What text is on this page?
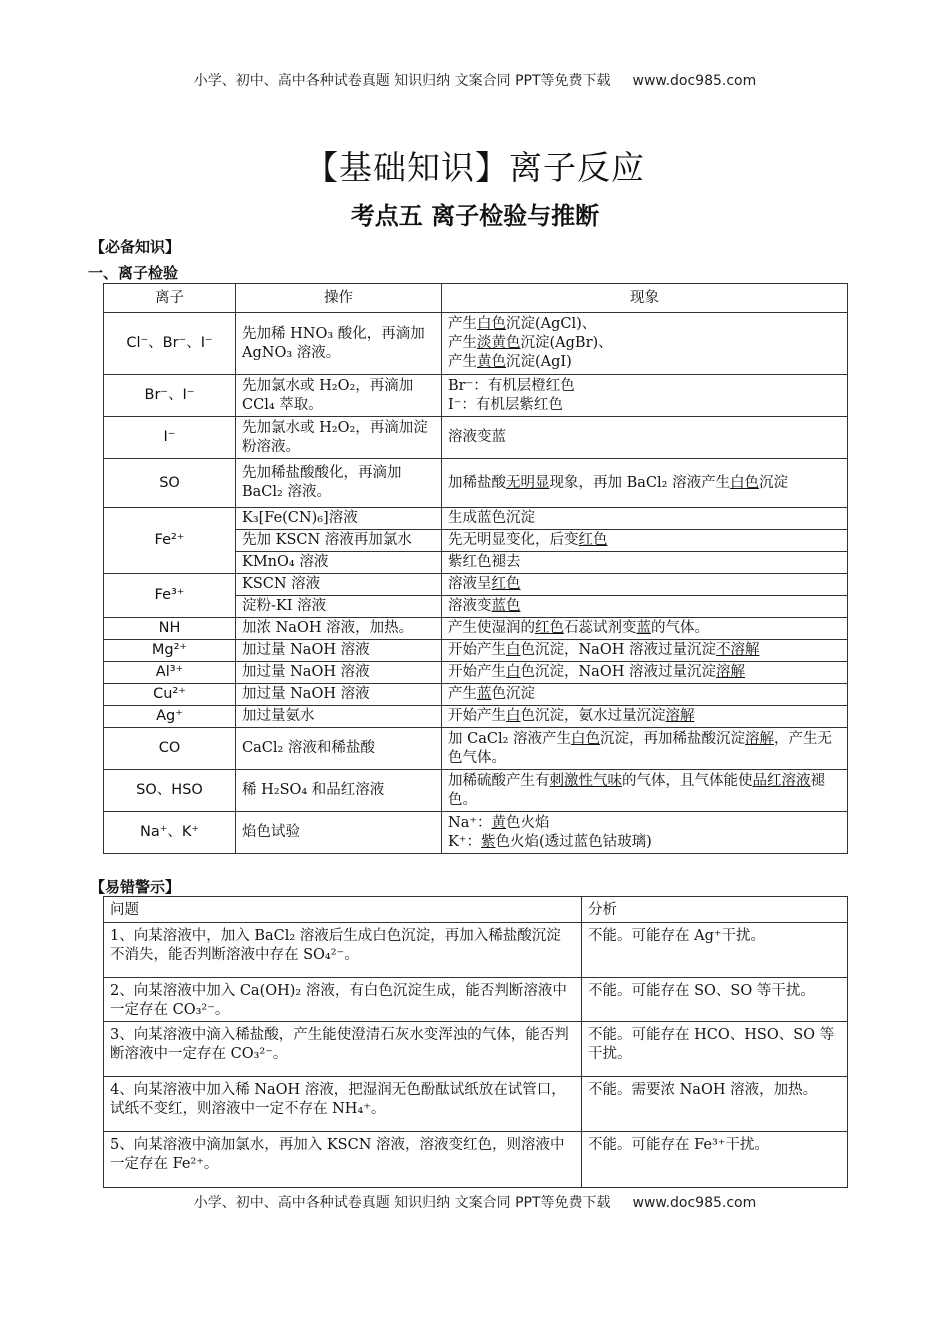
小学、初中、高中各种试卷真题 知识归纳 文案合同 PPT等免费下载 www.doc985.com
【基础知识】离子反应
考点五 离子检验与推断
【必备知识】
一、离子检验
离子	操作	现象
Cl⁻、Br⁻、I⁻	先加稀 HNO₃ 酸化，再滴加 AgNO₃ 溶液。	产生白色沉淀(AgCl)、
产生淡黄色沉淀(AgBr)、
产生黄色沉淀(AgI)

Br⁻、I⁻	先加氯水或 H₂O₂，再滴加 CCl₄ 萃取。	Br⁻：有机层橙红色
I⁻：有机层紫红色

I⁻	先加氯水或 H₂O₂，再滴加淀粉溶液。	溶液变蓝
SO	先加稀盐酸酸化，再滴加 BaCl₂ 溶液。	加稀盐酸无明显现象，再加 BaCl₂ 溶液产生白色沉淀
Fe²⁺	K₃[Fe(CN)₆]溶液	生成蓝色沉淀
	先加 KSCN 溶液再加氯水	先无明显变化，后变红色
	KMnO₄ 溶液	紫红色褪去
Fe³⁺	KSCN 溶液	溶液呈红色
	淀粉-KI 溶液	溶液变蓝色
NH	加浓 NaOH 溶液，加热。	产生使湿润的红色石蕊试剂变蓝的气体。
Mg²⁺	加过量 NaOH 溶液	开始产生白色沉淀，NaOH 溶液过量沉淀不溶解
Al³⁺	加过量 NaOH 溶液	开始产生白色沉淀，NaOH 溶液过量沉淀溶解
Cu²⁺	加过量 NaOH 溶液	产生蓝色沉淀
Ag⁺	加过量氨水	开始产生白色沉淀，氨水过量沉淀溶解
CO	CaCl₂ 溶液和稀盐酸	加 CaCl₂ 溶液产生白色沉淀，再加稀盐酸沉淀溶解，产生无色气体。
SO、HSO	稀 H₂SO₄ 和品红溶液	加稀硫酸产生有刺激性气味的气体，且气体能使品红溶液褪色。
Na⁺、K⁺	焰色试验	Na⁺：黄色火焰
K⁺：紫色火焰(透过蓝色钴玻璃)
【易错警示】
问题	分析
1、向某溶液中，加入 BaCl₂ 溶液后生成白色沉淀，再加入稀盐酸沉淀不消失，能否判断溶液中存在 SO₄²⁻。	不能。可能存在 Ag⁺干扰。
2、向某溶液中加入 Ca(OH)₂ 溶液，有白色沉淀生成，能否判断溶液中一定存在 CO₃²⁻。	不能。可能存在 SO、SO 等干扰。
3、向某溶液中滴入稀盐酸，产生能使澄清石灰水变浑浊的气体，能否判断溶液中一定存在 CO₃²⁻。	不能。可能存在 HCO、HSO、SO 等干扰。
4、向某溶液中加入稀 NaOH 溶液，把湿润无色酚酞试纸放在试管口，试纸不变红，则溶液中一定不存在 NH₄⁺。	不能。需要浓 NaOH 溶液，加热。
5、向某溶液中滴加氯水，再加入 KSCN 溶液，溶液变红色，则溶液中一定存在 Fe²⁺。	不能。可能存在 Fe³⁺干扰。
小学、初中、高中各种试卷真题 知识归纳 文案合同 PPT等免费下载 www.doc985.com
